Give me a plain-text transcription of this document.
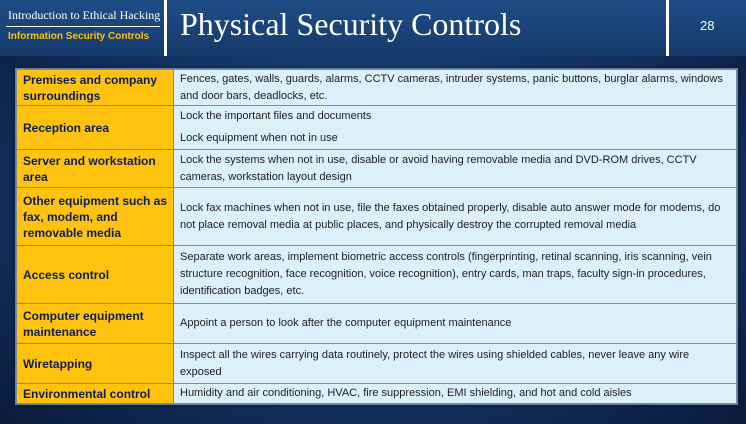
Introduction to Ethical Hacking
Information Security Controls Physical Security Controls	28
Premises and company surroundings	Fences, gates, walls, guards, alarms, CCTV cameras, intruder systems, panic buttons, burglar alarms, windows and door bars, deadlocks, etc.

Reception area	Lock the important files and documents
Lock equipment when not in use

Server and workstation area	Lock the systems when not in use, disable or avoid having removable media and DVD-ROM drives, CCTV cameras, workstation layout design

Other equipment such as fax, modem, and removable media	Lock fax machines when not in use, file the faxes obtained properly, disable auto answer mode for modems, do not place removal media at public places, and physically destroy the corrupted removal media

Access control	Separate work areas, implement biometric access controls (fingerprinting, retinal scanning, iris scanning, vein structure recognition, face recognition, voice recognition), entry cards, man traps, faculty sign-in procedures, identification badges, etc.

Computer equipment maintenance	Appoint a person to look after the computer equipment maintenance

Wiretapping	Inspect all the wires carrying data routinely, protect the wires using shielded cables, never leave any wire exposed

Environmental control	Humidity and air conditioning, HVAC, fire suppression, EMI shielding, and hot and cold aisles
